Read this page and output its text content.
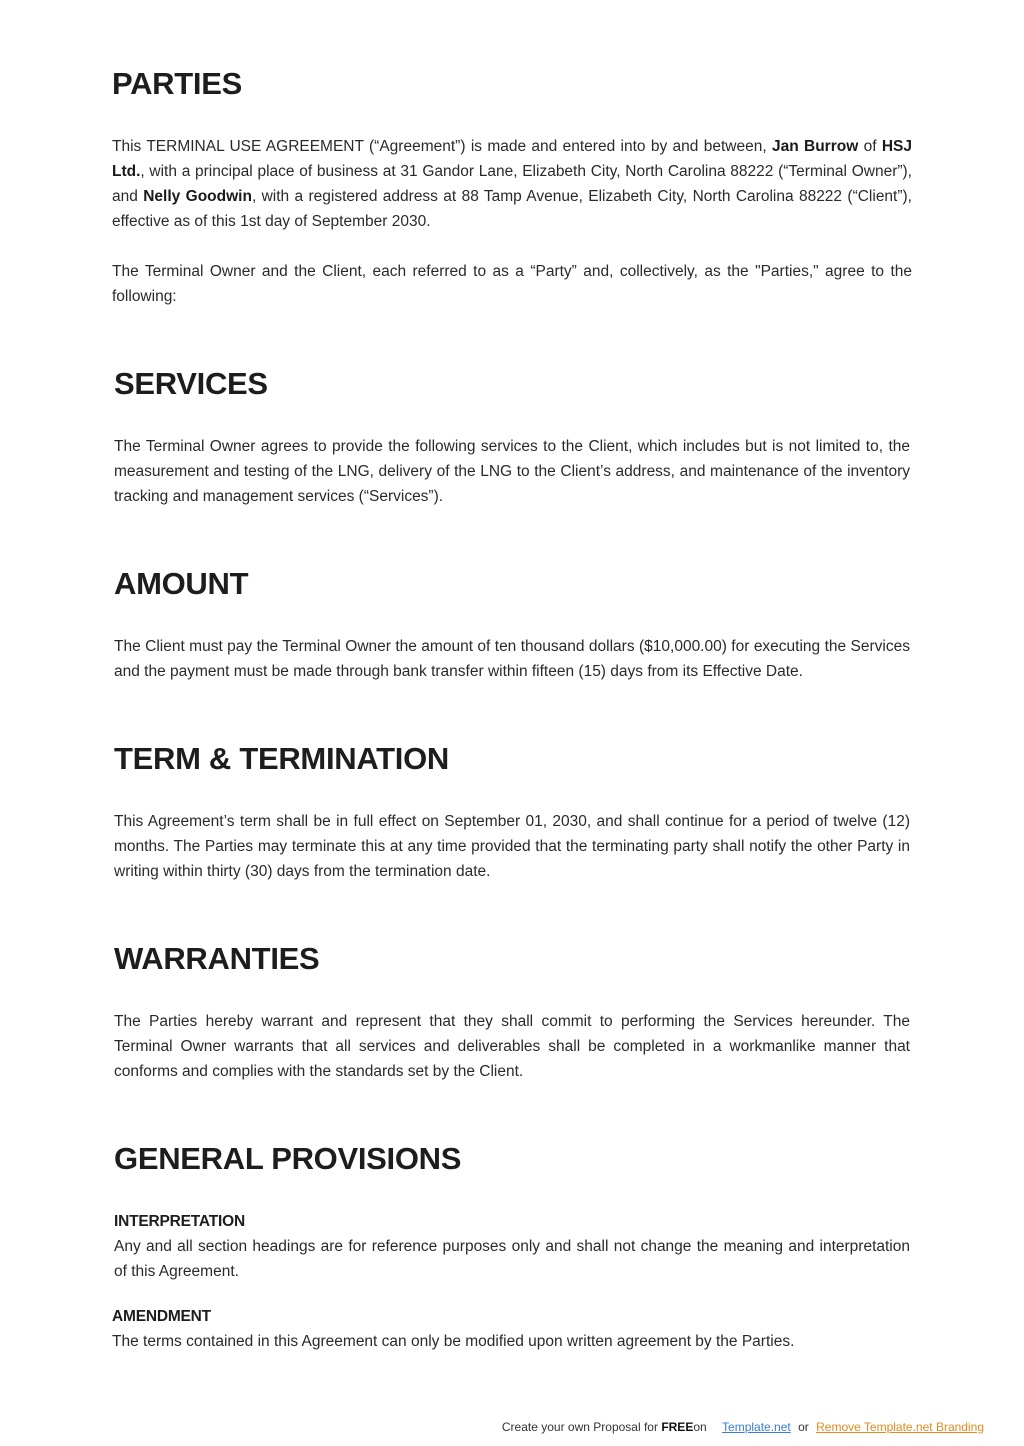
PARTIES

This TERMINAL USE AGREEMENT (“Agreement”) is made and entered into by and between, Jan Burrow of HSJ Ltd., with a principal place of business at 31 Gandor Lane, Elizabeth City, North Carolina 88222 (“Terminal Owner”), and Nelly Goodwin, with a registered address at 88 Tamp Avenue, Elizabeth City, North Carolina 88222 (“Client”), effective as of this 1st day of September 2030.

The Terminal Owner and the Client, each referred to as a “Party” and, collectively, as the "Parties," agree to the following:

SERVICES

The Terminal Owner agrees to provide the following services to the Client, which includes but is not limited to, the measurement and testing of the LNG, delivery of the LNG to the Client’s address, and maintenance of the inventory tracking and management services (“Services”).

AMOUNT

The Client must pay the Terminal Owner the amount of ten thousand dollars ($10,000.00) for executing the Services and the payment must be made through bank transfer within fifteen (15) days from its Effective Date.

TERM & TERMINATION

This Agreement’s term shall be in full effect on September 01, 2030, and shall continue for a period of twelve (12) months. The Parties may terminate this at any time provided that the terminating party shall notify the other Party in writing within thirty (30) days from the termination date.

WARRANTIES

The Parties hereby warrant and represent that they shall commit to performing the Services hereunder. The Terminal Owner warrants that all services and deliverables shall be completed in a workmanlike manner that conforms and complies with the standards set by the Client.

GENERAL PROVISIONS
INTERPRETATION

Any and all section headings are for reference purposes only and shall not change the meaning and interpretation of this Agreement.

AMENDMENT

The terms contained in this Agreement can only be modified upon written agreement by the Parties.

Create your own Proposal for FREEon Template.net or Remove Template.net Branding
